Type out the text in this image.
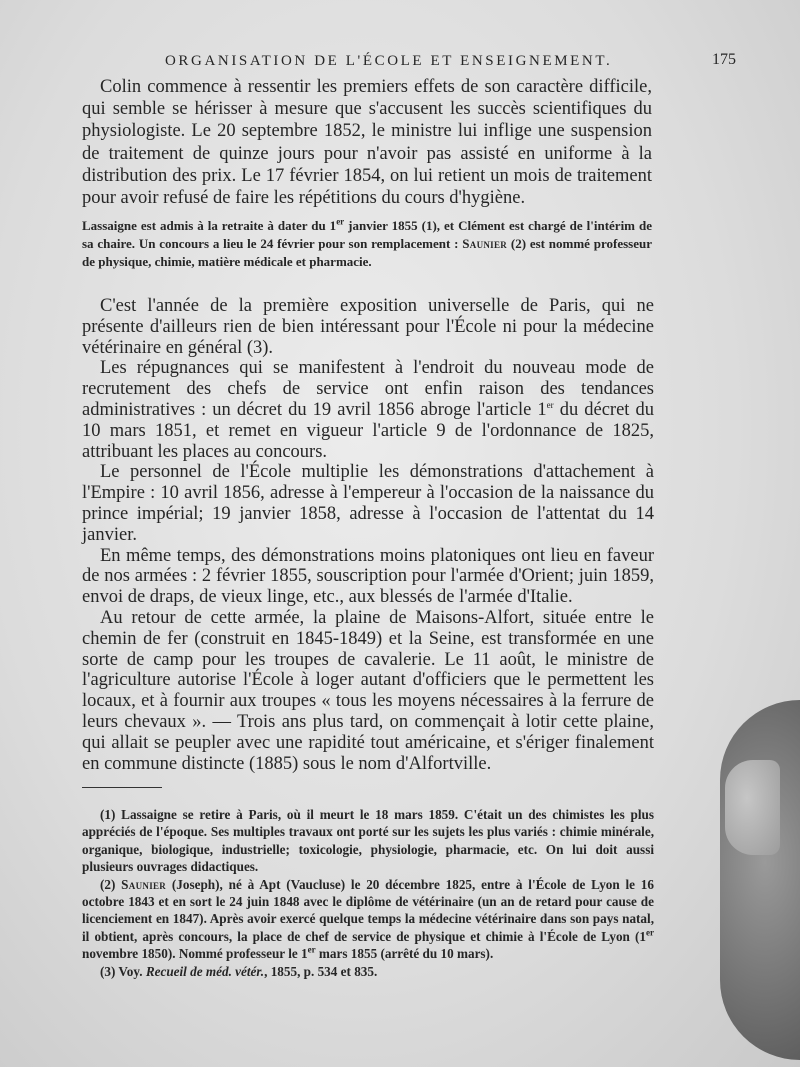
ORGANISATION DE L'ÉCOLE ET ENSEIGNEMENT.	175

Colin commence à ressentir les premiers effets de son caractère difficile, qui semble se hérisser à mesure que s'accusent les succès scientifiques du physiologiste. Le 20 septembre 1852, le ministre lui inflige une suspension de traitement de quinze jours pour n'avoir pas assisté en uniforme à la distribution des prix. Le 17 février 1854, on lui retient un mois de traitement pour avoir refusé de faire les répétitions du cours d'hygiène.

Lassaigne est admis à la retraite à dater du 1er janvier 1855 (1), et Clément est chargé de l'intérim de sa chaire. Un concours a lieu le 24 février pour son remplacement : Saunier (2) est nommé professeur de physique, chimie, matière médicale et pharmacie.

C'est l'année de la première exposition universelle de Paris, qui ne présente d'ailleurs rien de bien intéressant pour l'École ni pour la médecine vétérinaire en général (3).

Les répugnances qui se manifestent à l'endroit du nouveau mode de recrutement des chefs de service ont enfin raison des tendances administratives : un décret du 19 avril 1856 abroge l'article 1er du décret du 10 mars 1851, et remet en vigueur l'article 9 de l'ordonnance de 1825, attribuant les places au concours.

Le personnel de l'École multiplie les démonstrations d'attachement à l'Empire : 10 avril 1856, adresse à l'empereur à l'occasion de la naissance du prince impérial; 19 janvier 1858, adresse à l'occasion de l'attentat du 14 janvier.

En même temps, des démonstrations moins platoniques ont lieu en faveur de nos armées : 2 février 1855, souscription pour l'armée d'Orient; juin 1859, envoi de draps, de vieux linge, etc., aux blessés de l'armée d'Italie.

Au retour de cette armée, la plaine de Maisons-Alfort, située entre le chemin de fer (construit en 1845-1849) et la Seine, est transformée en une sorte de camp pour les troupes de cavalerie. Le 11 août, le ministre de l'agriculture autorise l'École à loger autant d'officiers que le permettent les locaux, et à fournir aux troupes « tous les moyens nécessaires à la ferrure de leurs chevaux ». — Trois ans plus tard, on commençait à lotir cette plaine, qui allait se peupler avec une rapidité tout américaine, et s'ériger finalement en commune distincte (1885) sous le nom d'Alfortville.

(1) Lassaigne se retire à Paris, où il meurt le 18 mars 1859. C'était un des chimistes les plus appréciés de l'époque. Ses multiples travaux ont porté sur les sujets les plus variés : chimie minérale, organique, biologique, industrielle; toxicologie, physiologie, pharmacie, etc. On lui doit aussi plusieurs ouvrages didactiques.

(2) Saunier (Joseph), né à Apt (Vaucluse) le 20 décembre 1825, entre à l'École de Lyon le 16 octobre 1843 et en sort le 24 juin 1848 avec le diplôme de vétérinaire (un an de retard pour cause de licenciement en 1847). Après avoir exercé quelque temps la médecine vétérinaire dans son pays natal, il obtient, après concours, la place de chef de service de physique et chimie à l'École de Lyon (1er novembre 1850). Nommé professeur le 1er mars 1855 (arrêté du 10 mars).

(3) Voy. Recueil de méd. vétér., 1855, p. 534 et 835.
